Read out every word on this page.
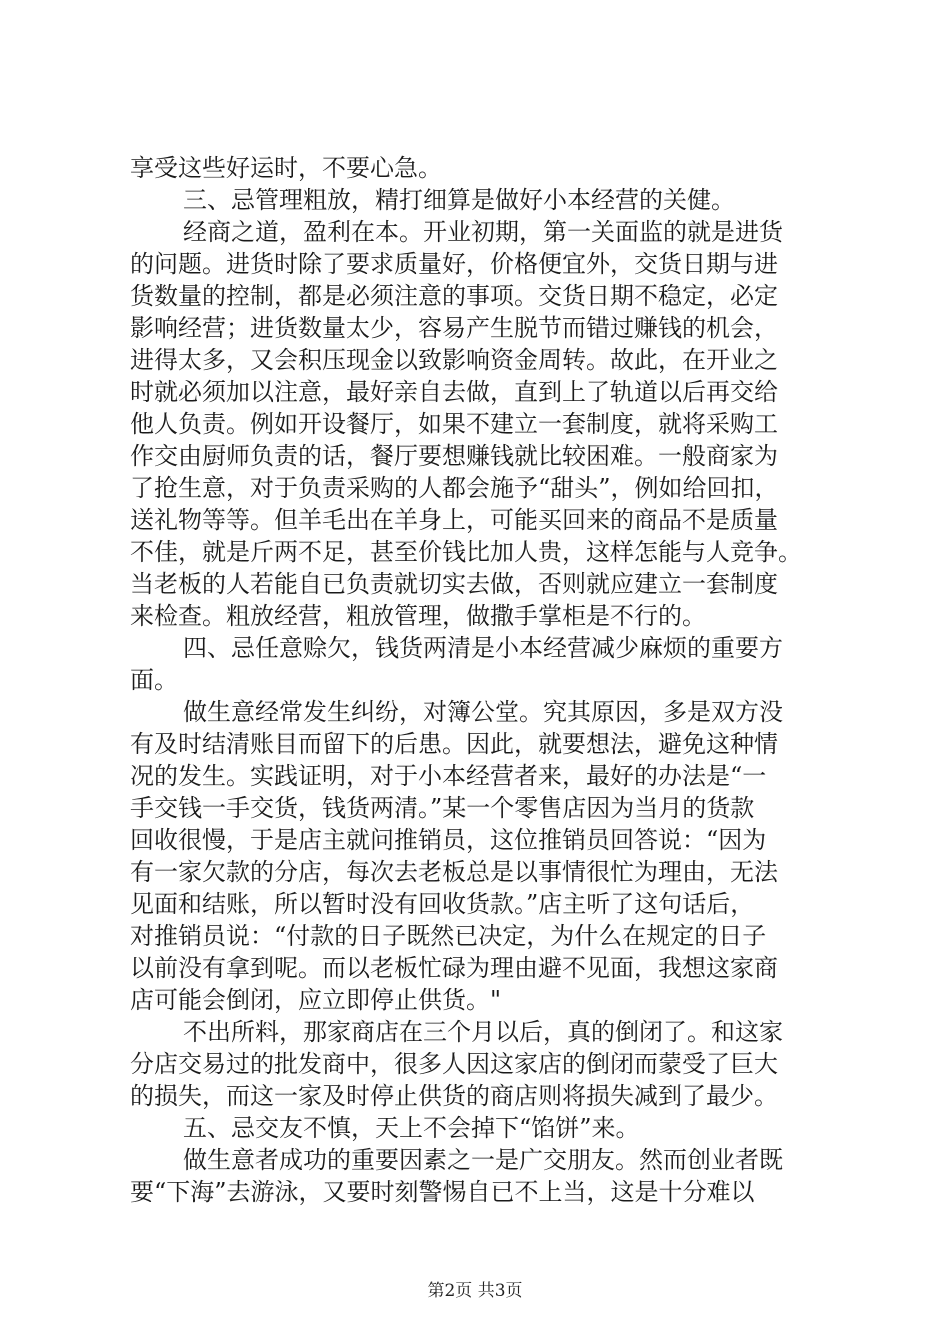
享受这些好运时，不要心急。
三、忌管理粗放，精打细算是做好小本经营的关健。
经商之道，盈利在本。开业初期，第一关面监的就是进货
的问题。进货时除了要求质量好，价格便宜外，交货日期与进
货数量的控制，都是必须注意的事项。交货日期不稳定，必定
影响经营；进货数量太少，容易产生脱节而错过赚钱的机会，
进得太多，又会积压现金以致影响资金周转。故此，在开业之
时就必须加以注意，最好亲自去做，直到上了轨道以后再交给
他人负责。例如开设餐厅，如果不建立一套制度，就将采购工
作交由厨师负责的话，餐厅要想赚钱就比较困难。一般商家为
了抢生意，对于负责采购的人都会施予“甜头”，例如给回扣，
送礼物等等。但羊毛出在羊身上，可能买回来的商品不是质量
不佳，就是斤两不足，甚至价钱比加人贵，这样怎能与人竞争。
当老板的人若能自已负责就切实去做，否则就应建立一套制度
来检查。粗放经营，粗放管理，做撒手掌柜是不行的。
四、忌任意赊欠，钱货两清是小本经营减少麻烦的重要方
面。
做生意经常发生纠纷，对簿公堂。究其原因，多是双方没
有及时结清账目而留下的后患。因此，就要想法，避免这种情
况的发生。实践证明，对于小本经营者来，最好的办法是“一
手交钱一手交货，钱货两清。”某一个零售店因为当月的货款
回收很慢，于是店主就问推销员，这位推销员回答说：“因为
有一家欠款的分店，每次去老板总是以事情很忙为理由，无法
见面和结账，所以暂时没有回收货款。”店主听了这句话后，
对推销员说：“付款的日子既然已决定，为什么在规定的日子
以前没有拿到呢。而以老板忙碌为理由避不见面，我想这家商
店可能会倒闭，应立即停止供货。"
不出所料，那家商店在三个月以后，真的倒闭了。和这家
分店交易过的批发商中，很多人因这家店的倒闭而蒙受了巨大
的损失，而这一家及时停止供货的商店则将损失减到了最少。
五、忌交友不慎，天上不会掉下“馅饼”来。
做生意者成功的重要因素之一是广交朋友。然而创业者既
要“下海”去游泳，又要时刻警惕自已不上当，这是十分难以
第2页 共3页
